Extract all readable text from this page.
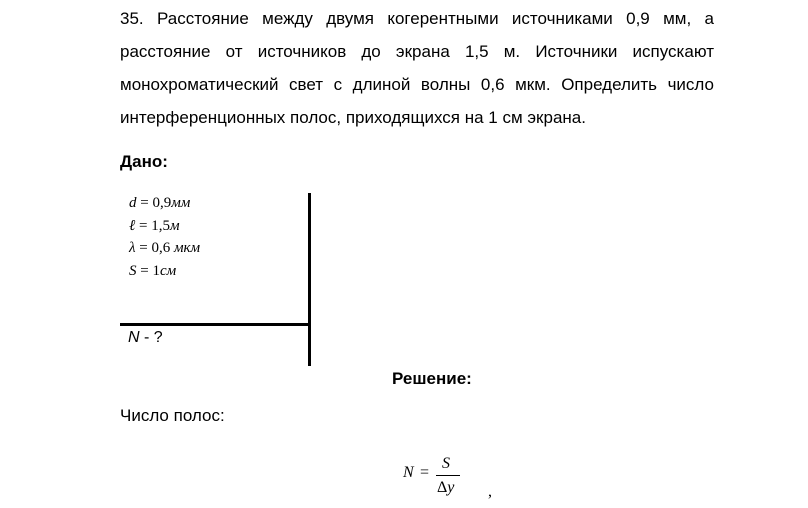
35. Расстояние между двумя когерентными источниками 0,9 мм, а
расстояние от источников до экрана 1,5 м. Источники испускают
монохроматический свет с длиной волны 0,6 мкм. Определить число
интерференционных полос, приходящихся на 1 см экрана.
Дано:
d = 0,9мм
ℓ = 1,5м
λ = 0,6 мкм
S = 1см
N - ?
Решение:
Число полос:
N =
S
Δy ,
